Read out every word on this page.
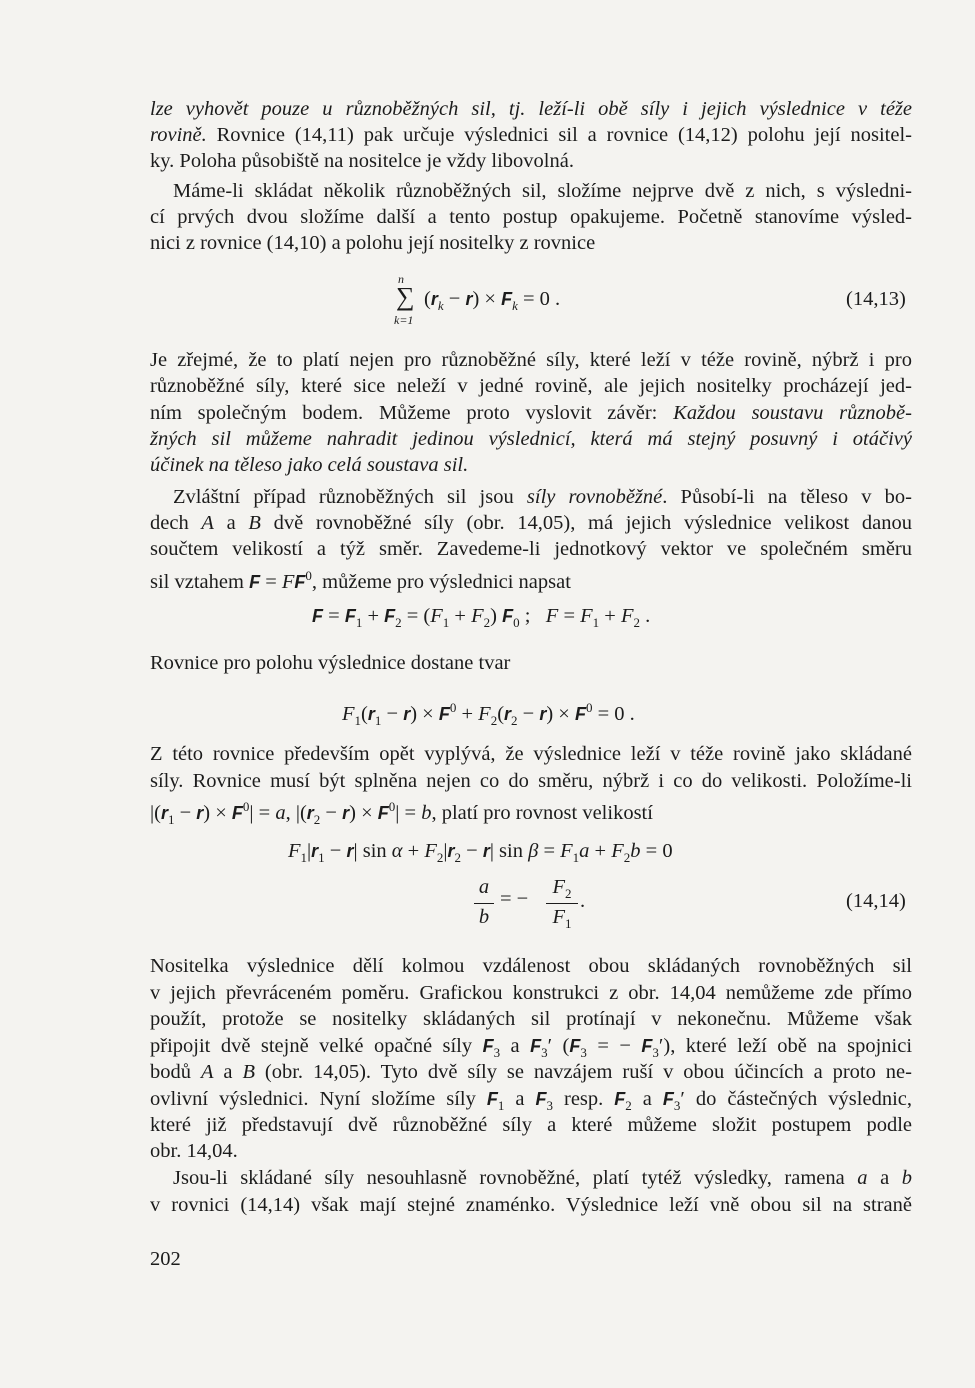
lze vyhovět pouze u různoběžných sil, tj. leží-li obě síly i jejich výslednice v téže
rovině. Rovnice (14,11) pak určuje výslednici sil a rovnice (14,12) polohu její nositel-
ky. Poloha působiště na nositelce je vždy libovolná.
Máme-li skládat několik různoběžných sil, složíme nejprve dvě z nich, s výsledni-
cí prvých dvou složíme další a tento postup opakujeme. Početně stanovíme výsled-
nici z rovnice (14,10) a polohu její nositelky z rovnice
n
∑
k=1
$(r_k - r) \times F_k = 0$ .	(14,13)
Je zřejmé, že to platí nejen pro různoběžné síly, které leží v téže rovině, nýbrž i pro
různoběžné síly, které sice neleží v jedné rovině, ale jejich nositelky procházejí jed-
ním společným bodem. Můžeme proto vyslovit závěr: Každou soustavu různobě-
žných sil můžeme nahradit jedinou výslednicí, která má stejný posuvný i otáčivý
účinek na těleso jako celá soustava sil.
Zvláštní případ různoběžných sil jsou síly rovnoběžné. Působí-li na těleso v bo-
dech A a B dvě rovnoběžné síly (obr. 14,05), má jejich výslednice velikost danou
součtem velikostí a týž směr. Zavedeme-li jednotkový vektor ve společném směru
sil vztahem $F = FF^0$, můžeme pro výslednici napsat
$F = F_1 + F_2 = (F_1 + F_2)$ $F_0$ ;   $F = F_1 + F_2$ .
Rovnice pro polohu výslednice dostane tvar
$F_1(r_1 - r) \times F^0 + F_2(r_2 - r) \times F^0 = 0$ .
Z této rovnice především opět vyplývá, že výslednice leží v téže rovině jako skládané
síly. Rovnice musí být splněna nejen co do směru, nýbrž i co do velikosti. Položíme-li
$|(r_1 - r) \times F^0| = a$, $|(r_2 - r) \times F^0| = b$, platí pro rovnost velikostí
$F_1|r_1 - r|$ $\sin \alpha + F_2|r_2 - r|$ $\sin \beta = F_1a + F_2b = 0$
a
b
= −
$F_2$
$F_1$
.	(14,14)
Nositelka výslednice dělí kolmou vzdálenost obou skládaných rovnoběžných sil
v jejich převráceném poměru. Grafickou konstrukci z obr. 14,04 nemůžeme zde přímo
použít, protože se nositelky skládaných sil protínají v nekonečnu. Můžeme však
připojit dvě stejně velké opačné síly $F_3$ a $F_3'$ ($F_3$ = − $F_3'$), které leží obě na spojnici
bodů A a B (obr. 14,05). Tyto dvě síly se navzájem ruší v obou účincích a proto ne-
ovlivní výslednici. Nyní složíme síly $F_1$ a $F_3$ resp. $F_2$ a $F_3'$ do částečných výslednic,
které již představují dvě různoběžné síly a které můžeme složit postupem podle
obr. 14,04.
Jsou-li skládané síly nesouhlasně rovnoběžné, platí tytéž výsledky, ramena a a b
v rovnici (14,14) však mají stejné znaménko. Výslednice leží vně obou sil na straně
202
